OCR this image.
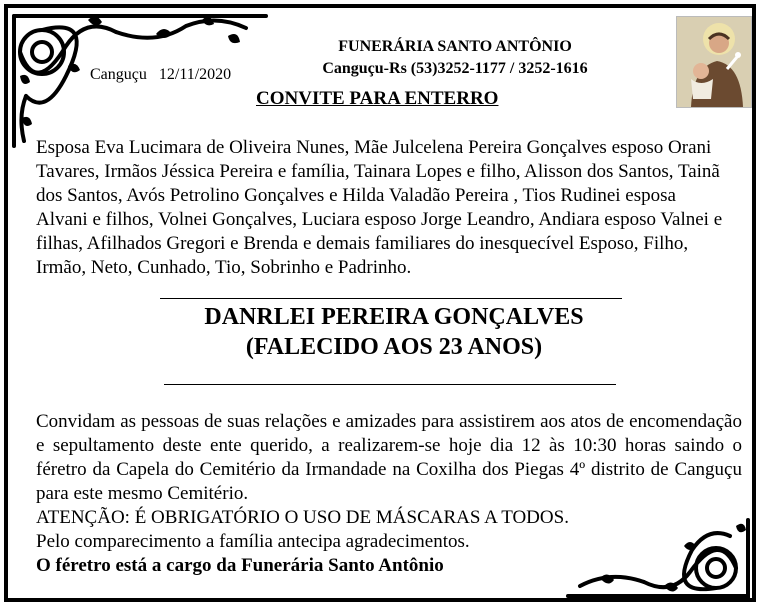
Canguçu 12/11/2020
FUNERÁRIA SANTO ANTÔNIO
Canguçu-Rs (53)3252-1177 / 3252-1616
CONVITE PARA ENTERRO

Esposa Eva Lucimara de Oliveira Nunes, Mãe Julcelena Pereira Gonçalves esposo Orani Tavares, Irmãos Jéssica Pereira e família, Tainara Lopes e filho, Alisson dos Santos, Tainã dos Santos, Avós Petrolino Gonçalves e Hilda Valadão Pereira , Tios Rudinei esposa Alvani e filhos, Volnei Gonçalves, Luciara esposo Jorge Leandro, Andiara esposo Valnei e filhas, Afilhados Gregori e Brenda e demais familiares do inesquecível Esposo, Filho, Irmão, Neto, Cunhado, Tio, Sobrinho e Padrinho.

DANRLEI PEREIRA GONÇALVES
(FALECIDO AOS 23 ANOS)

Convidam as pessoas de suas relações e amizades para assistirem aos atos de encomendação e sepultamento deste ente querido, a realizarem-se hoje dia 12 às 10:30 horas saindo o féretro da Capela do Cemitério da Irmandade na Coxilha dos Piegas 4º distrito de Canguçu para este mesmo Cemitério.

ATENÇÃO: É OBRIGATÓRIO O USO DE MÁSCARAS A TODOS.
Pelo comparecimento a família antecipa agradecimentos.
O féretro está a cargo da Funerária Santo Antônio
